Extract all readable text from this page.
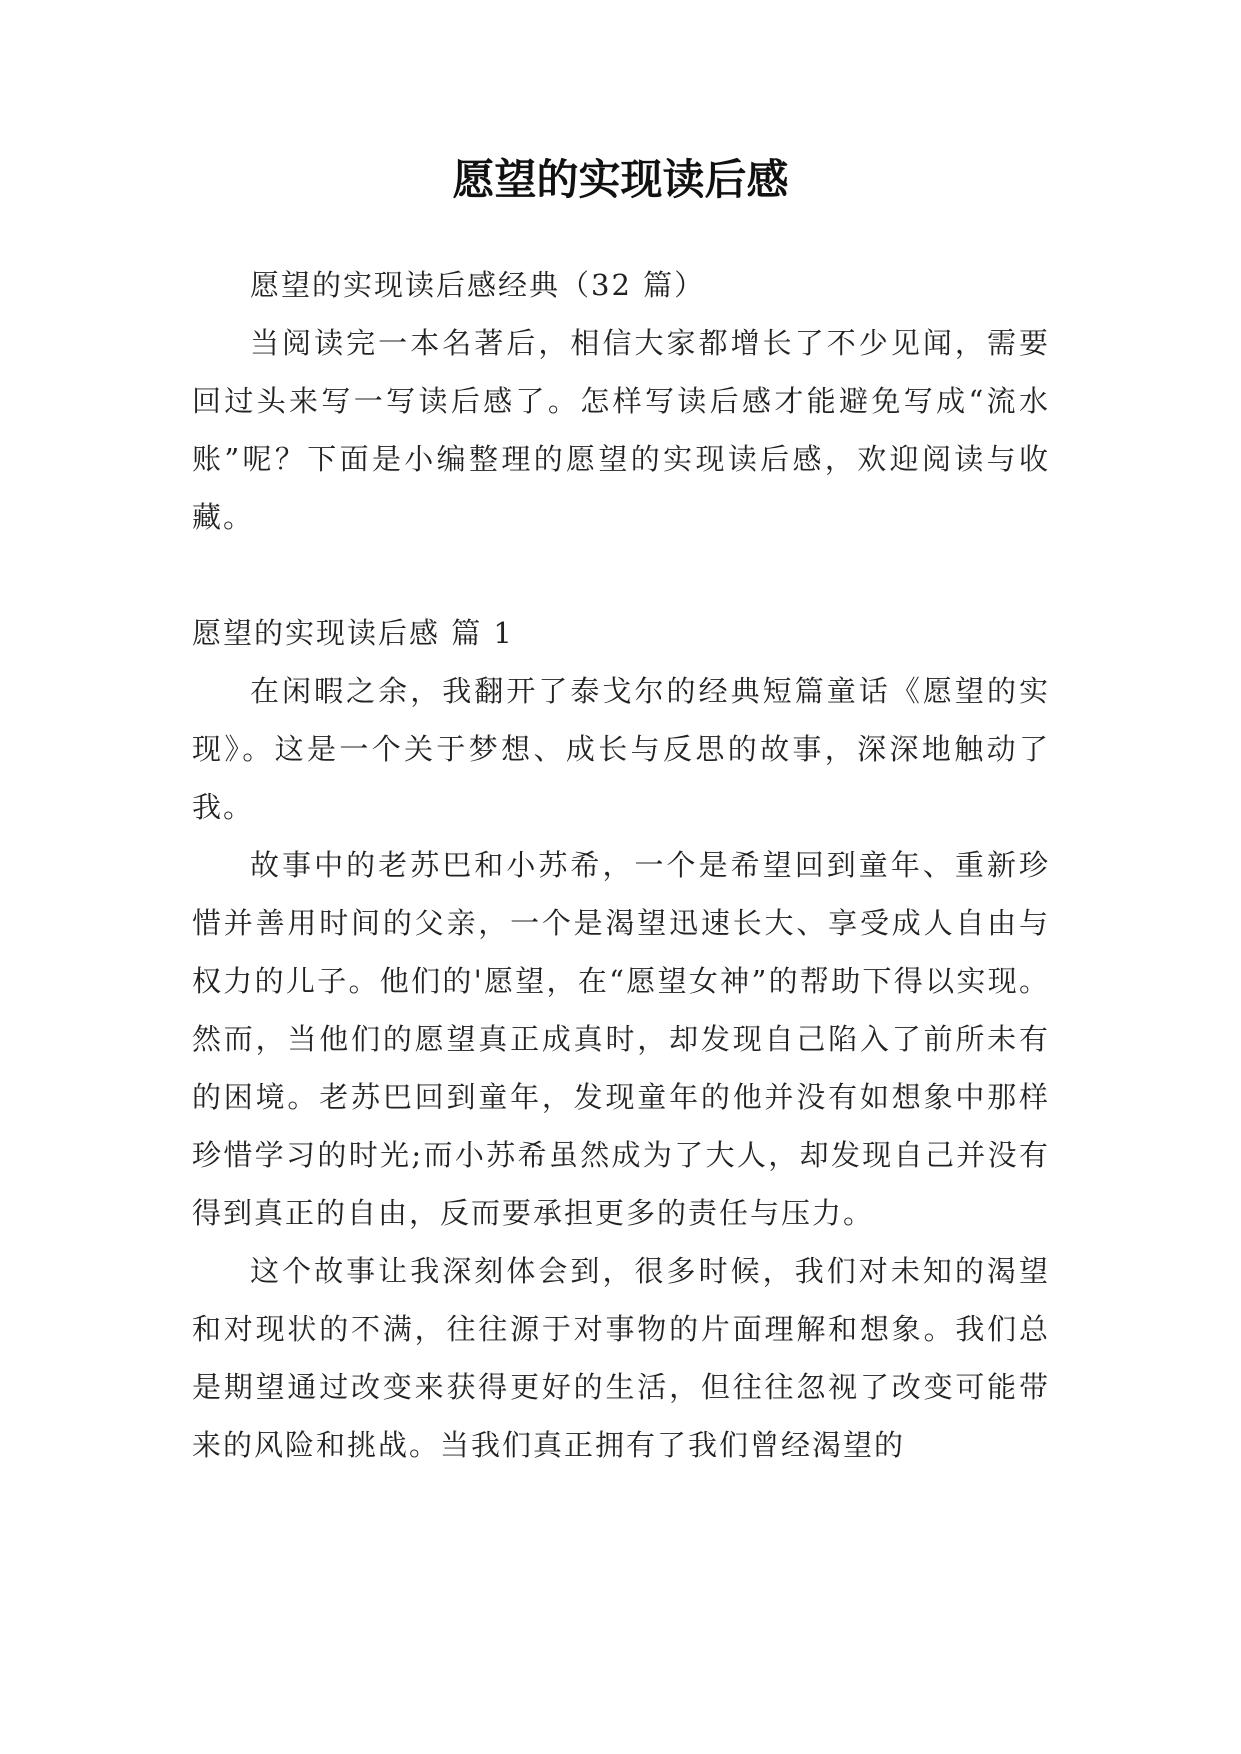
愿望的实现读后感

愿望的实现读后感经典（32 篇）

当阅读完一本名著后，相信大家都增长了不少见闻，需要回过头来写一写读后感了。怎样写读后感才能避免写成“流水账”呢？下面是小编整理的愿望的实现读后感，欢迎阅读与收藏。

愿望的实现读后感 篇 1

在闲暇之余，我翻开了泰戈尔的经典短篇童话《愿望的实现》。这是一个关于梦想、成长与反思的故事，深深地触动了我。

故事中的老苏巴和小苏希，一个是希望回到童年、重新珍惜并善用时间的父亲，一个是渴望迅速长大、享受成人自由与权力的儿子。他们的'愿望，在“愿望女神”的帮助下得以实现。然而，当他们的愿望真正成真时，却发现自己陷入了前所未有的困境。老苏巴回到童年，发现童年的他并没有如想象中那样珍惜学习的时光;而小苏希虽然成为了大人，却发现自己并没有得到真正的自由，反而要承担更多的责任与压力。

这个故事让我深刻体会到，很多时候，我们对未知的渴望和对现状的不满，往往源于对事物的片面理解和想象。我们总是期望通过改变来获得更好的生活，但往往忽视了改变可能带来的风险和挑战。当我们真正拥有了我们曾经渴望的
